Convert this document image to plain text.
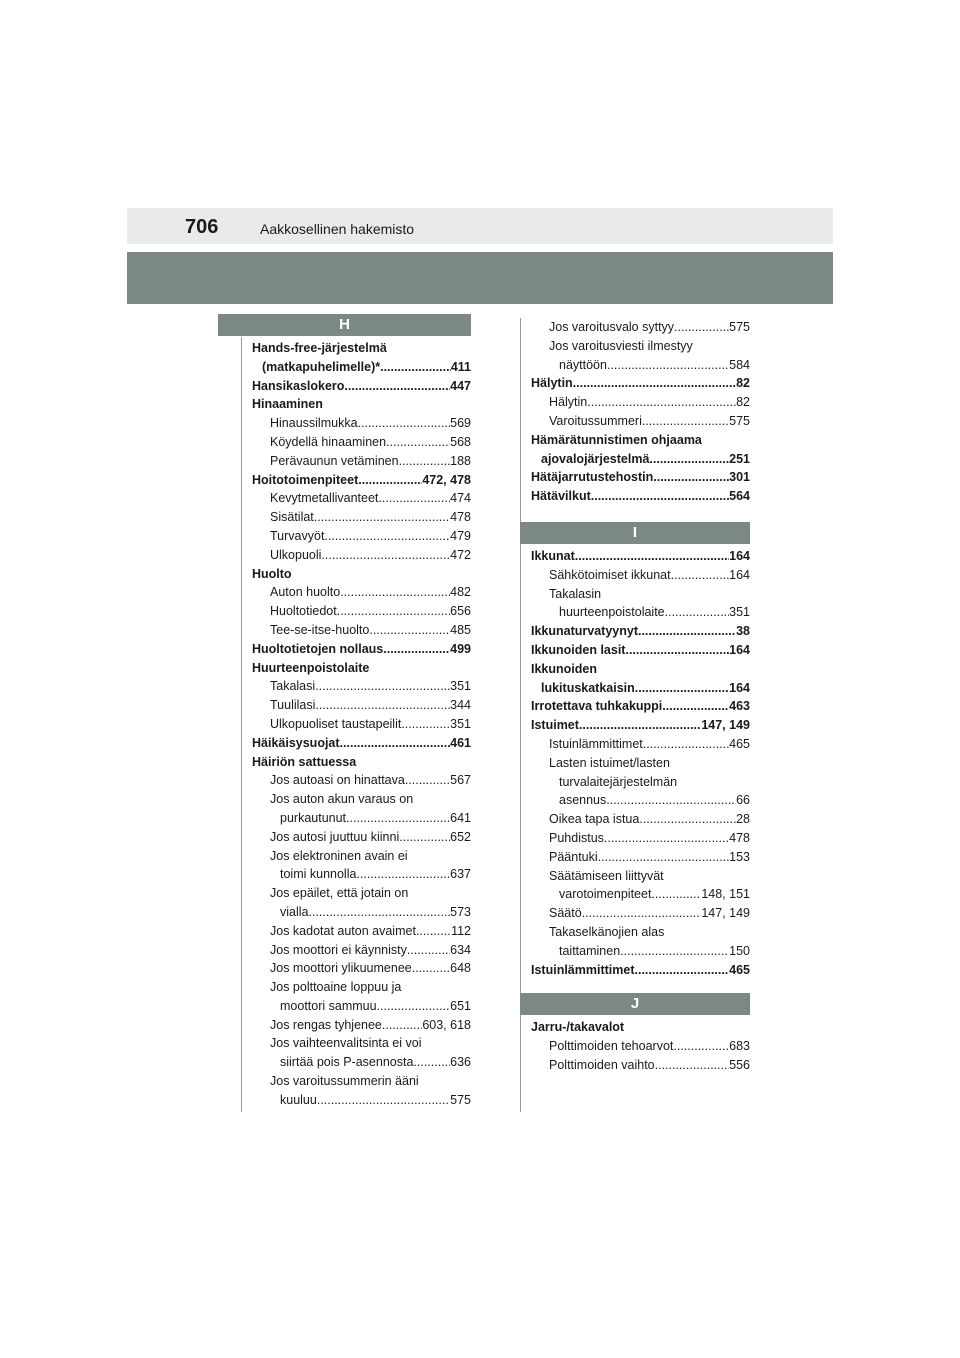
706	Aakkosellinen hakemisto
H
I
J
Hands-free-järjestelmä
(matkapuhelimelle)* .....	411
Hansikaslokero .....	447
Hinaaminen
Hinaussilmukka .....	569
Köydellä hinaaminen. .....	568
Perävaunun vetäminen .....	188
Hoitotoimenpiteet .....	472, 478
Kevytmetallivanteet .....	474
Sisätilat .....	478
Turvavyöt .....	479
Ulkopuoli .....	472
Huolto
Auton huolto .....	482
Huoltotiedot .....	656
Tee-se-itse-huolto .....	485
Huoltotietojen nollaus .....	499
Huurteenpoistolaite
Takalasi. .....	351
Tuulilasi .....	344
Ulkopuoliset taustapeilit .....	351
Häikäisysuojat .....	461
Häiriön sattuessa
Jos autoasi on hinattava .....	567
Jos auton akun varaus on
purkautunut. .....	641
Jos autosi juuttuu kiinni .....	652
Jos elektroninen avain ei
toimi kunnolla .....	637
Jos epäilet, että jotain on
vialla .....	573
Jos kadotat auton avaimet .....	112
Jos moottori ei käynnisty .....	634
Jos moottori ylikuumenee .....	648
Jos polttoaine loppuu ja
moottori sammuu .....	651
Jos rengas tyhjenee .....	603, 618
Jos vaihteenvalitsinta ei voi
siirtää pois P-asennosta .....	636
Jos varoitussummerin ääni
kuuluu .....	575
Jos varoitusvalo syttyy .....	575
Jos varoitusviesti ilmestyy
näyttöön. .....	584
Hälytin .....	82
Hälytin .....	82
Varoitussummeri .....	575
Hämärätunnistimen ohjaama
ajovalojärjestelmä .....	251
Hätäjarrutustehostin .....	301
Hätävilkut .....	564
Ikkunat .....	164
Sähkötoimiset ikkunat .....	164
Takalasin
huurteenpoistolaite .....	351
Ikkunaturvatyynyt .....	38
Ikkunoiden lasit .....	164
Ikkunoiden
lukituskatkaisin .....	164
Irrotettava tuhkakuppi .....	463
Istuimet .....	147, 149
Istuinlämmittimet .....	465
Lasten istuimet/lasten
turvalaitejärjestelmän
asennus .....	66
Oikea tapa istua .....	28
Puhdistus .....	478
Pääntuki .....	153
Säätämiseen liittyvät
varotoimenpiteet .....	148, 151
Säätö .....	147, 149
Takaselkänojien alas
taittaminen .....	150
Istuinlämmittimet .....	465
Jarru-/takavalot
Polttimoiden tehoarvot .....	683
Polttimoiden vaihto .....	556
